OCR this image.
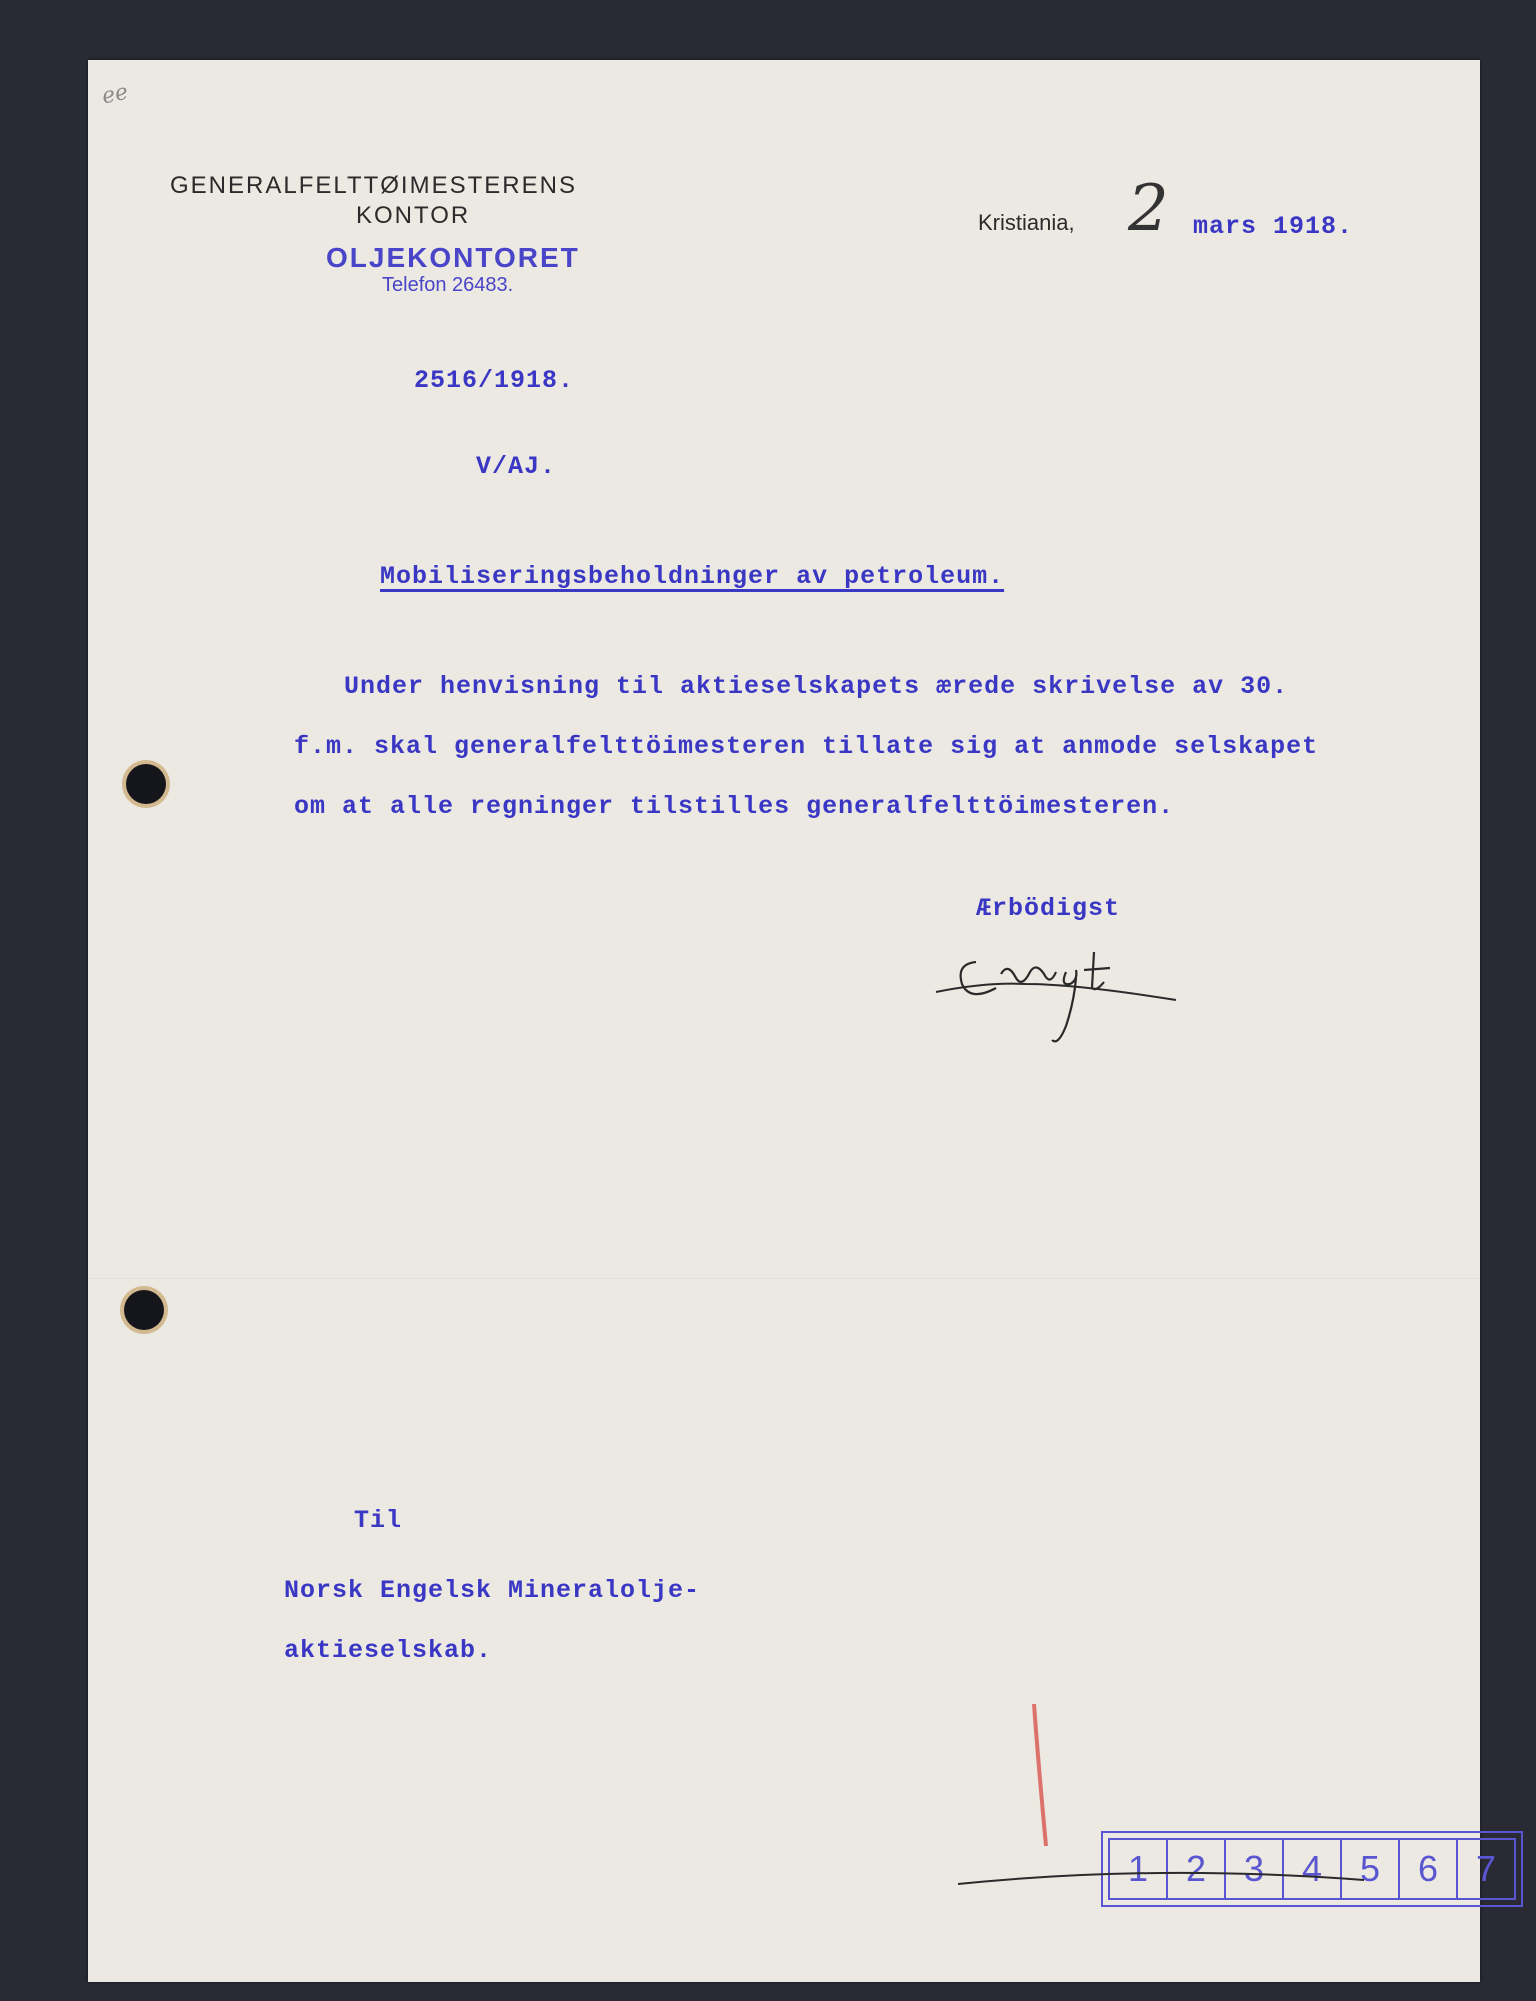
ee
GENERALFELTTØIMESTERENS
KONTOR
OLJEKONTORET
Telefon 26483.
Kristiania, 2 mars 1918.
2516/1918.
V/AJ.
Mobiliseringsbeholdninger av petroleum.
Under henvisning til aktieselskapets ærede skrivelse av 30.
f.m. skal generalfelttöimesteren tillate sig at anmode selskapet
om at alle regninger tilstilles generalfelttöimesteren.
Ærbödigst
Til
Norsk Engelsk Mineralolje-
aktieselskab.
1	2	3	4	5	6	7
